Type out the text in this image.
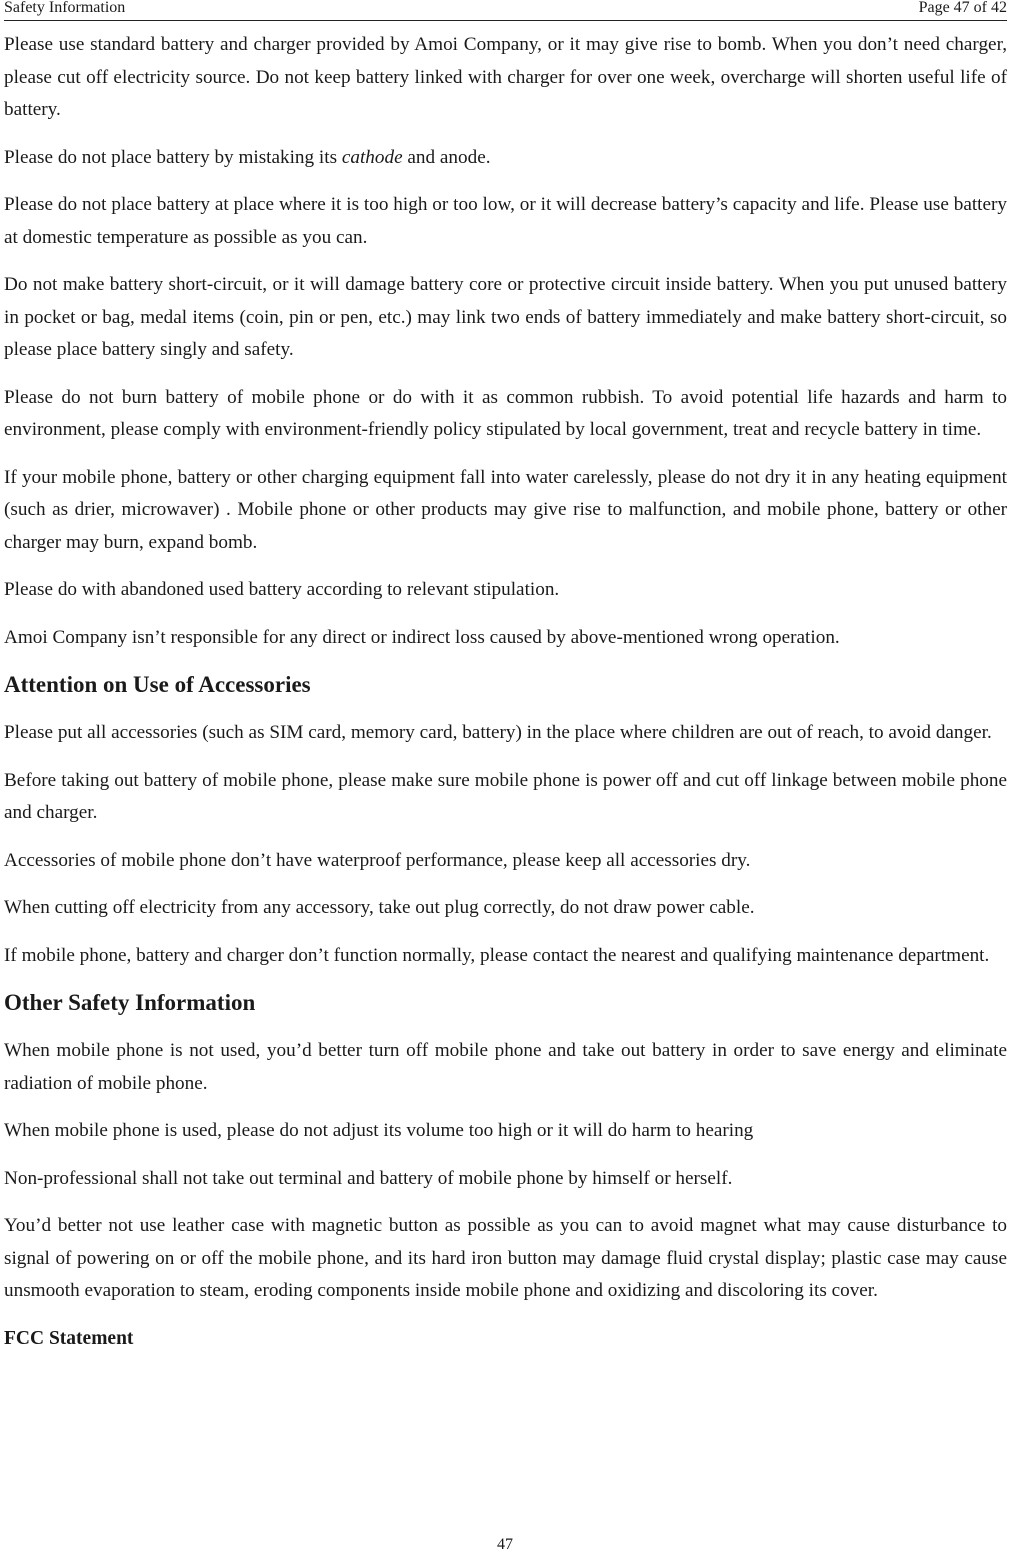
Safety Information	Page 47 of 42

Please use standard battery and charger provided by Amoi Company, or it may give rise to bomb. When you don’t need charger, please cut off electricity source. Do not keep battery linked with charger for over one week, overcharge will shorten useful life of battery.

Please do not place battery by mistaking its cathode and anode.

Please do not place battery at place where it is too high or too low, or it will decrease battery’s capacity and life. Please use battery at domestic temperature as possible as you can.

Do not make battery short-circuit, or it will damage battery core or protective circuit inside battery. When you put unused battery in pocket or bag, medal items (coin, pin or pen, etc.) may link two ends of battery immediately and make battery short-circuit, so please place battery singly and safety.

Please do not burn battery of mobile phone or do with it as common rubbish. To avoid potential life hazards and harm to environment, please comply with environment-friendly policy stipulated by local government, treat and recycle battery in time.

If your mobile phone, battery or other charging equipment fall into water carelessly, please do not dry it in any heating equipment (such as drier, microwaver) . Mobile phone or other products may give rise to malfunction, and mobile phone, battery or other charger may burn, expand bomb.

Please do with abandoned used battery according to relevant stipulation.

Amoi Company isn’t responsible for any direct or indirect loss caused by above-mentioned wrong operation.

Attention on Use of Accessories

Please put all accessories (such as SIM card, memory card, battery) in the place where children are out of reach, to avoid danger.

Before taking out battery of mobile phone, please make sure mobile phone is power off and cut off linkage between mobile phone and charger.

Accessories of mobile phone don’t have waterproof performance, please keep all accessories dry.

When cutting off electricity from any accessory, take out plug correctly, do not draw power cable.

If mobile phone, battery and charger don’t function normally, please contact the nearest and qualifying maintenance department.

Other Safety Information

When mobile phone is not used, you’d better turn off mobile phone and take out battery in order to save energy and eliminate radiation of mobile phone.

When mobile phone is used, please do not adjust its volume too high or it will do harm to hearing

Non-professional shall not take out terminal and battery of mobile phone by himself or herself.

You’d better not use leather case with magnetic button as possible as you can to avoid magnet what may cause disturbance to signal of powering on or off the mobile phone, and its hard iron button may damage fluid crystal display; plastic case may cause unsmooth evaporation to steam, eroding components inside mobile phone and oxidizing and discoloring its cover.

FCC Statement

47
